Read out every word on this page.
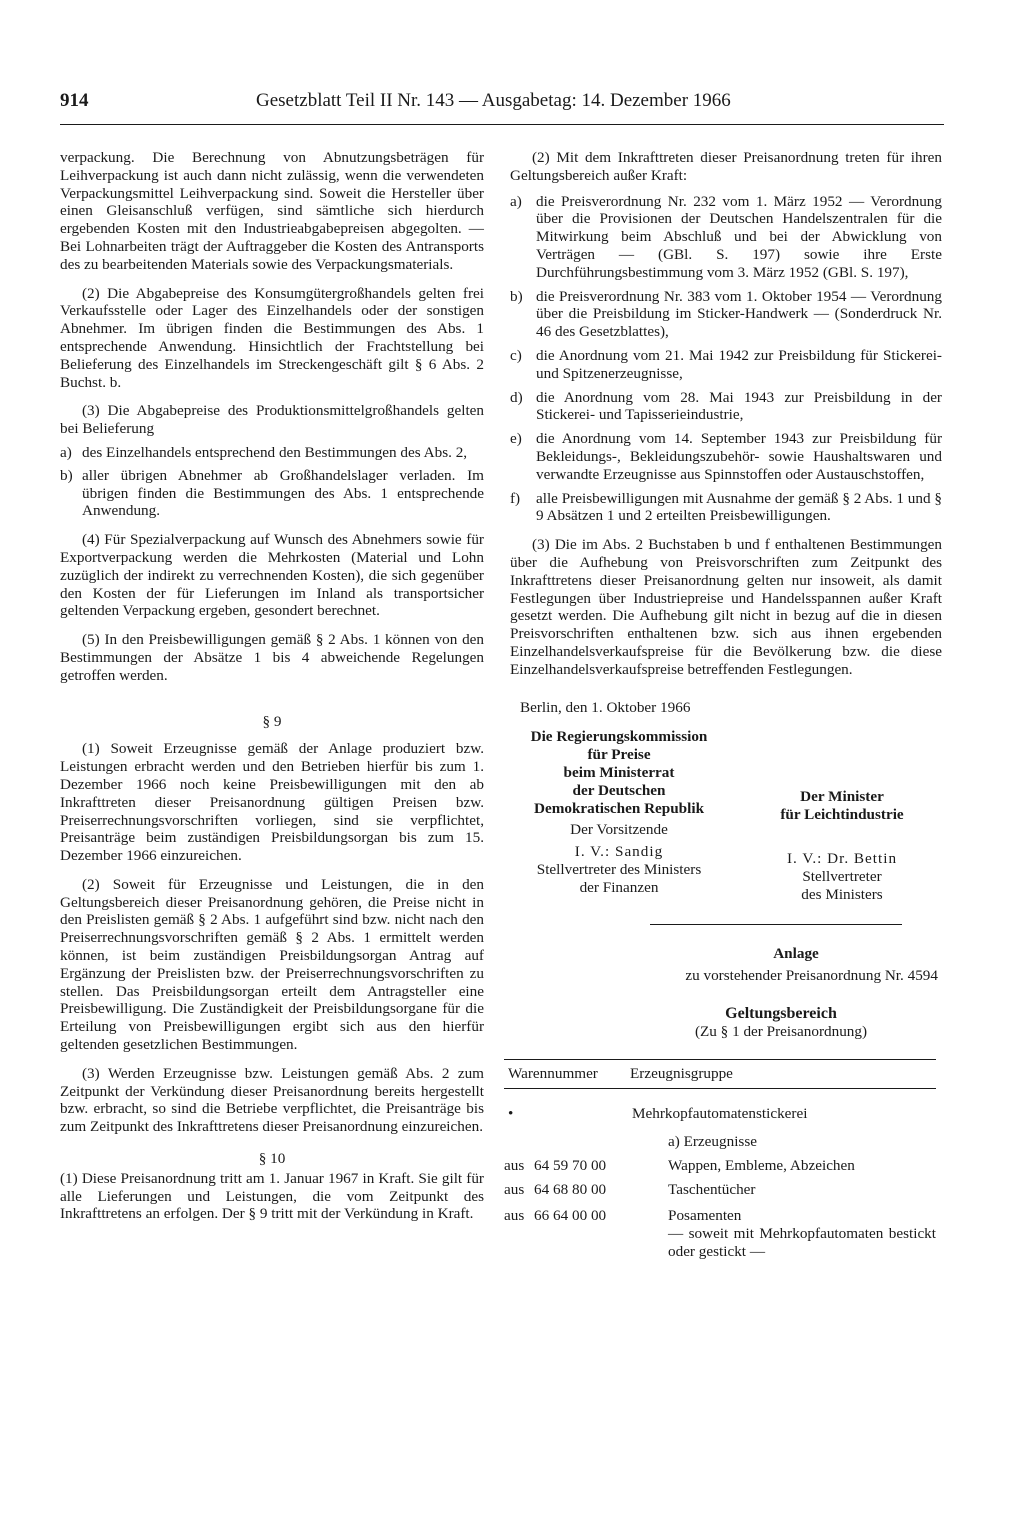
914	Gesetzblatt Teil II Nr. 143 — Ausgabetag: 14. Dezember 1966

verpackung. Die Berechnung von Abnutzungsbeträgen für Leihverpackung ist auch dann nicht zulässig, wenn die verwendeten Verpackungsmittel Leihverpackung sind. Soweit die Hersteller über einen Gleisanschluß verfügen, sind sämtliche sich hierdurch ergebenden Kosten mit den Industrieabgabepreisen abgegolten. — Bei Lohnarbeiten trägt der Auftraggeber die Kosten des Antransports des zu bearbeitenden Materials sowie des Verpackungsmaterials.

(2) Die Abgabepreise des Konsumgütergroßhandels gelten frei Verkaufsstelle oder Lager des Einzelhandels oder der sonstigen Abnehmer. Im übrigen finden die Bestimmungen des Abs. 1 entsprechende Anwendung. Hinsichtlich der Frachtstellung bei Belieferung des Einzelhandels im Streckengeschäft gilt § 6 Abs. 2 Buchst. b.

(3) Die Abgabepreise des Produktionsmittelgroßhandels gelten bei Belieferung

a) des Einzelhandels entsprechend den Bestimmungen des Abs. 2,
b) aller übrigen Abnehmer ab Großhandelslager verladen. Im übrigen finden die Bestimmungen des Abs. 1 entsprechende Anwendung.

(4) Für Spezialverpackung auf Wunsch des Abnehmers sowie für Exportverpackung werden die Mehrkosten (Material und Lohn zuzüglich der indirekt zu verrechnenden Kosten), die sich gegenüber den Kosten der für Lieferungen im Inland als transportsicher geltenden Verpackung ergeben, gesondert berechnet.

(5) In den Preisbewilligungen gemäß § 2 Abs. 1 können von den Bestimmungen der Absätze 1 bis 4 abweichende Regelungen getroffen werden.

§ 9

(1) Soweit Erzeugnisse gemäß der Anlage produziert bzw. Leistungen erbracht werden und den Betrieben hierfür bis zum 1. Dezember 1966 noch keine Preisbewilligungen mit den ab Inkrafttreten dieser Preisanordnung gültigen Preisen bzw. Preiserrechnungsvorschriften vorliegen, sind sie verpflichtet, Preisanträge beim zuständigen Preisbildungsorgan bis zum 15. Dezember 1966 einzureichen.

(2) Soweit für Erzeugnisse und Leistungen, die in den Geltungsbereich dieser Preisanordnung gehören, die Preise nicht in den Preislisten gemäß § 2 Abs. 1 aufgeführt sind bzw. nicht nach den Preiserrechnungsvorschriften gemäß § 2 Abs. 1 ermittelt werden können, ist beim zuständigen Preisbildungsorgan Antrag auf Ergänzung der Preislisten bzw. der Preiserrechnungsvorschriften zu stellen. Das Preisbildungsorgan erteilt dem Antragsteller eine Preisbewilligung. Die Zuständigkeit der Preisbildungsorgane für die Erteilung von Preisbewilligungen ergibt sich aus den hierfür geltenden gesetzlichen Bestimmungen.

(3) Werden Erzeugnisse bzw. Leistungen gemäß Abs. 2 zum Zeitpunkt der Verkündung dieser Preisanordnung bereits hergestellt bzw. erbracht, so sind die Betriebe verpflichtet, die Preisanträge bis zum Zeitpunkt des Inkrafttretens dieser Preisanordnung einzureichen.

§ 10

(1) Diese Preisanordnung tritt am 1. Januar 1967 in Kraft. Sie gilt für alle Lieferungen und Leistungen, die vom Zeitpunkt des Inkrafttretens an erfolgen. Der § 9 tritt mit der Verkündung in Kraft.

(2) Mit dem Inkrafttreten dieser Preisanordnung treten für ihren Geltungsbereich außer Kraft:

a) die Preisverordnung Nr. 232 vom 1. März 1952 — Verordnung über die Provisionen der Deutschen Handelszentralen für die Mitwirkung beim Abschluß und bei der Abwicklung von Verträgen — (GBl. S. 197) sowie ihre Erste Durchführungsbestimmung vom 3. März 1952 (GBl. S. 197),
b) die Preisverordnung Nr. 383 vom 1. Oktober 1954 — Verordnung über die Preisbildung im Sticker-Handwerk — (Sonderdruck Nr. 46 des Gesetzblattes),
c) die Anordnung vom 21. Mai 1942 zur Preisbildung für Stickerei- und Spitzenerzeugnisse,
d) die Anordnung vom 28. Mai 1943 zur Preisbildung in der Stickerei- und Tapisserieindustrie,
e) die Anordnung vom 14. September 1943 zur Preisbildung für Bekleidungs-, Bekleidungszubehör- sowie Haushaltswaren und verwandte Erzeugnisse aus Spinnstoffen oder Austauschstoffen,
f) alle Preisbewilligungen mit Ausnahme der gemäß § 2 Abs. 1 und § 9 Absätzen 1 und 2 erteilten Preisbewilligungen.

(3) Die im Abs. 2 Buchstaben b und f enthaltenen Bestimmungen über die Aufhebung von Preisvorschriften zum Zeitpunkt des Inkrafttretens dieser Preisanordnung gelten nur insoweit, als damit Festlegungen über Industriepreise und Handelsspannen außer Kraft gesetzt werden. Die Aufhebung gilt nicht in bezug auf die in diesen Preisvorschriften enthaltenen bzw. sich aus ihnen ergebenden Einzelhandelsverkaufspreise für die Bevölkerung bzw. die diese Einzelhandelsverkaufspreise betreffenden Festlegungen.

Berlin, den 1. Oktober 1966
Die Regierungskommission
für Preise
beim Ministerrat
der Deutschen
Demokratischen Republik
Der Vorsitzende
I. V.: Sandig
Stellvertreter des Ministers
der Finanzen
Der Minister
für Leichtindustrie
I. V.: Dr. Bettin
Stellvertreter
des Ministers
Anlage
zu vorstehender Preisanordnung Nr. 4594
Geltungsbereich
(Zu § 1 der Preisanordnung)
Warennummer Erzeugnisgruppe
•	Mehrkopfautomatenstickerei
a) Erzeugnisse
aus 64 59 70 00	Wappen, Embleme, Abzeichen
aus 64 68 80 00	Taschentücher
aus 66 64 00 00	Posamenten
— soweit mit Mehrkopfautomaten bestickt oder gestickt —
